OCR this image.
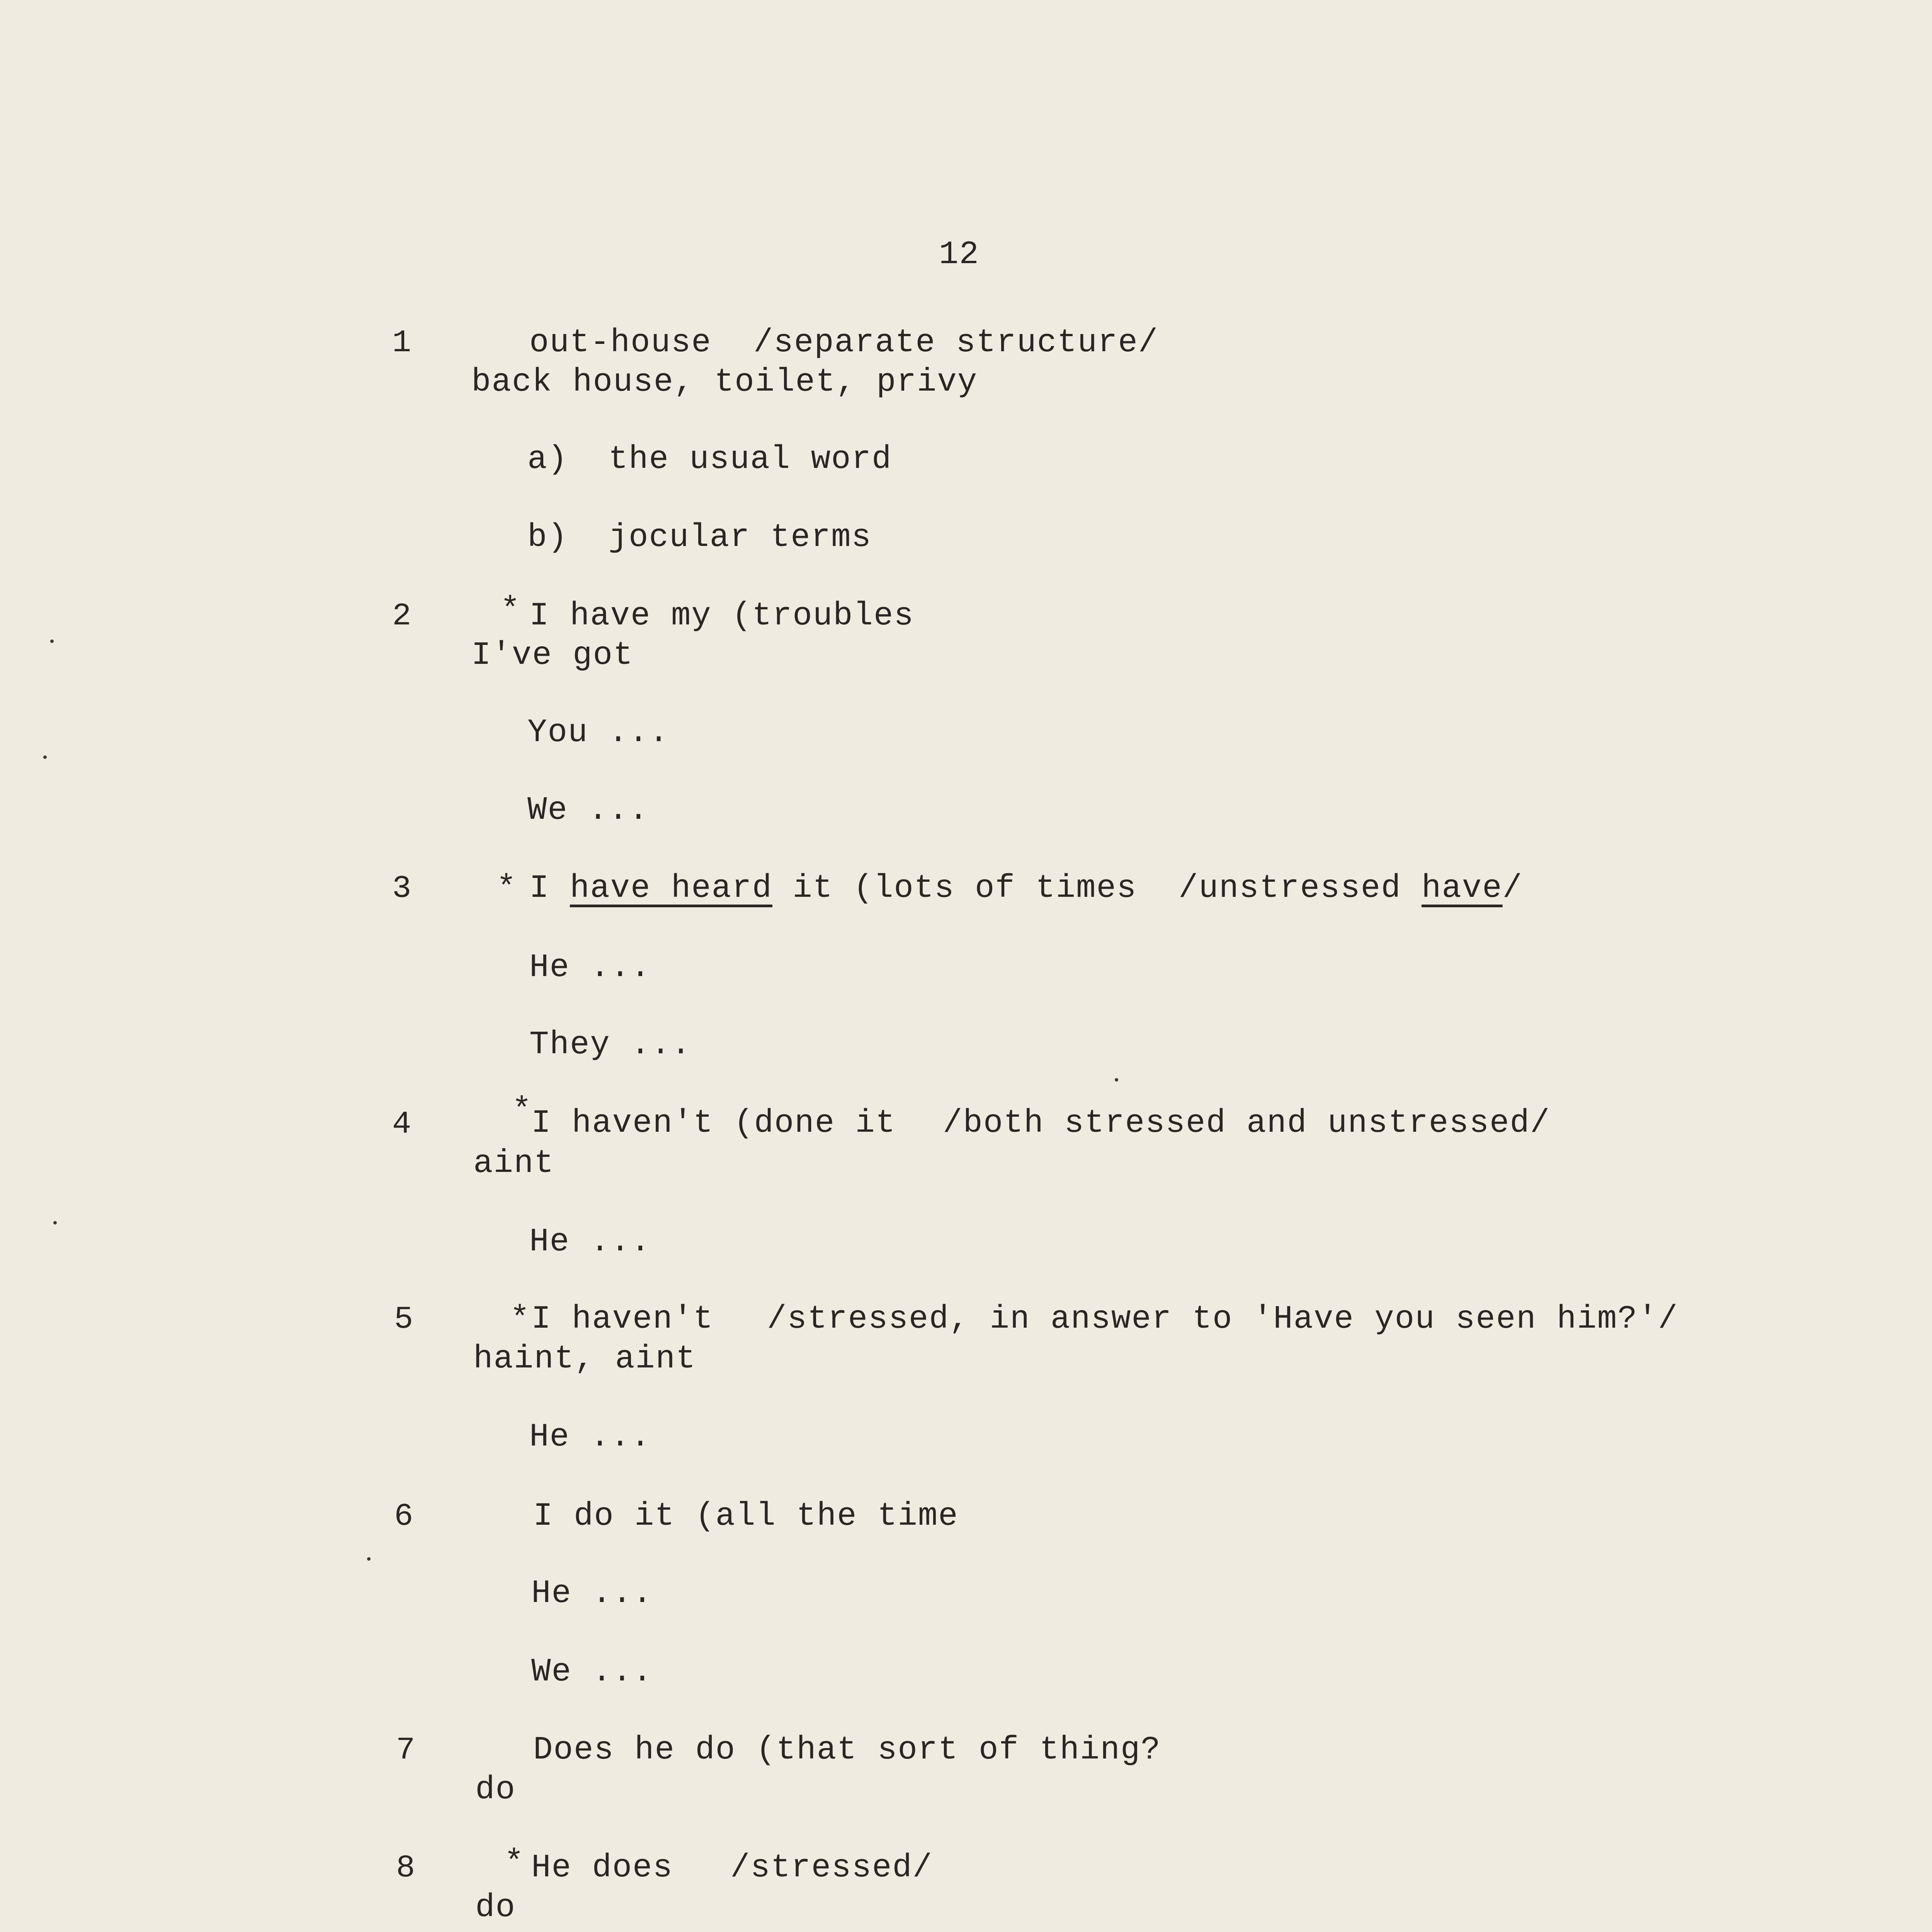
12
1	out-house /separate structure/
back house, toilet, privy
a)  the usual word
b)  jocular terms
2	* I have my (troubles
I've got
You ...
We ...
3	* I have heard it (lots of times /unstressed have/
He ...
They ...
4	*
I haven't (done it /both stressed and unstressed/
aint
He ...
5	* I haven't /stressed, in answer to 'Have you seen him?'/
haint, aint
He ...
6	I do it (all the time
He ...
We ...
7	Does he do (that sort of thing?
do
8	* He does /stressed/
do
